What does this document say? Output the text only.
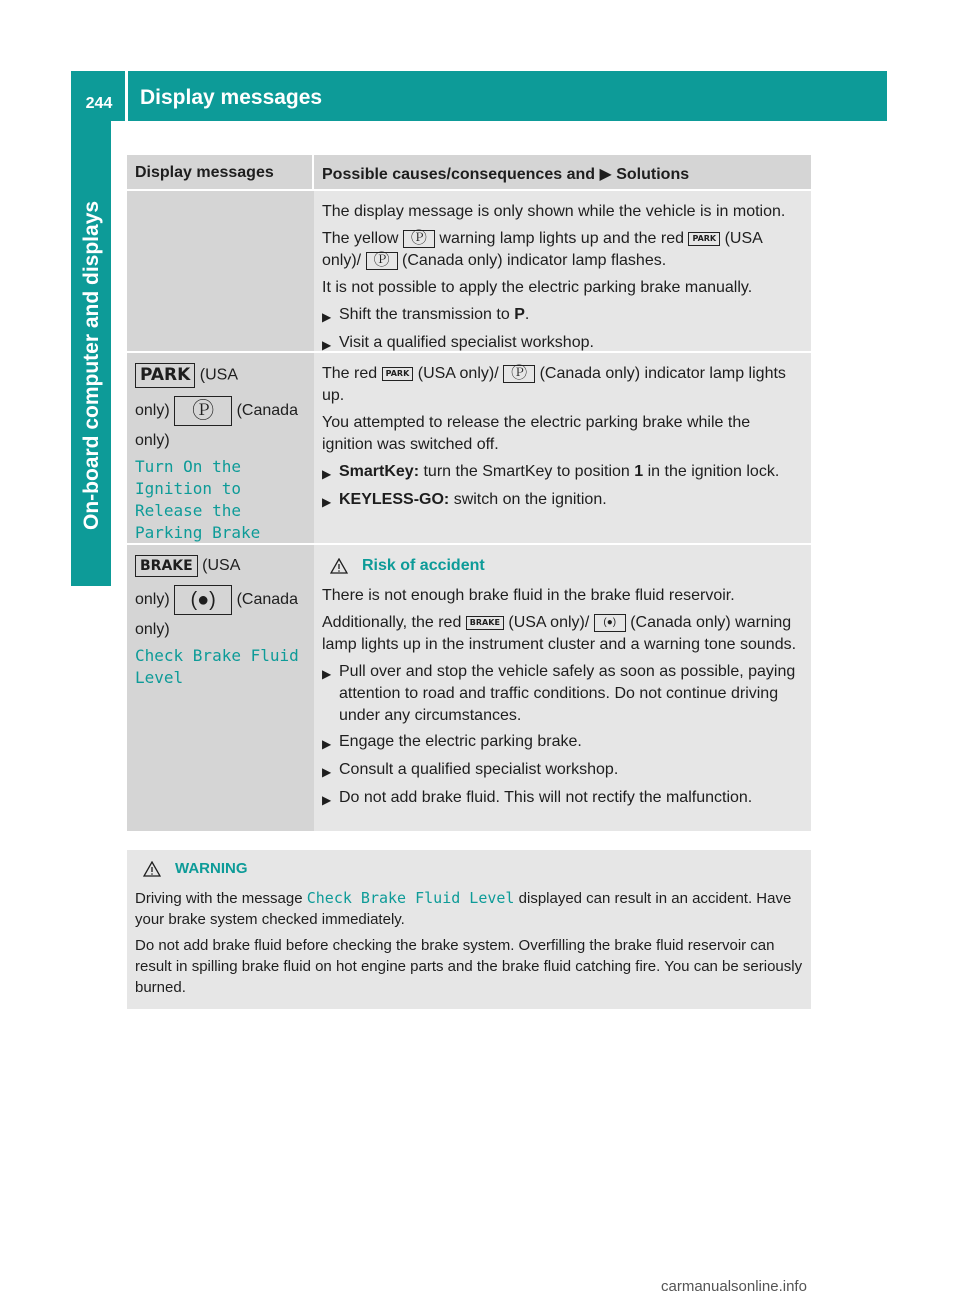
244	Display messages
On-board computer and displays
Display messages	Possible causes/consequences and ▶ Solutions

The display message is only shown while the vehicle is in motion.

The yellow Ⓟ warning lamp lights up and the red PARK (USA only)/ Ⓟ (Canada only) indicator lamp flashes.

It is not possible to apply the electric parking brake manually.

▶ Shift the transmission to P.
▶ Visit a qualified specialist workshop.
PARK (USA
only) Ⓟ (Canada
only)
Turn On the
Ignition to
Release the
Parking Brake

The red PARK (USA only)/ Ⓟ (Canada only) indicator lamp lights up.

You attempted to release the electric parking brake while the ignition was switched off.

▶ SmartKey: turn the SmartKey to position 1 in the ignition lock.
▶ KEYLESS-GO: switch on the ignition.
BRAKE (USA
only) (●) (Canada
only)
Check Brake Fluid
Level
Risk of accident

There is not enough brake fluid in the brake fluid reservoir.

Additionally, the red BRAKE (USA only)/ (●) (Canada only) warning lamp lights up in the instrument cluster and a warning tone sounds.

▶ Pull over and stop the vehicle safely as soon as possible, paying attention to road and traffic conditions. Do not continue driving under any circumstances.
▶ Engage the electric parking brake.
▶ Consult a qualified specialist workshop.
▶ Do not add brake fluid. This will not rectify the malfunction.
WARNING

Driving with the message Check Brake Fluid Level displayed can result in an accident. Have your brake system checked immediately.

Do not add brake fluid before checking the brake system. Overfilling the brake fluid reservoir can result in spilling brake fluid on hot engine parts and the brake fluid catching fire. You can be seriously burned.

carmanualsonline.info
